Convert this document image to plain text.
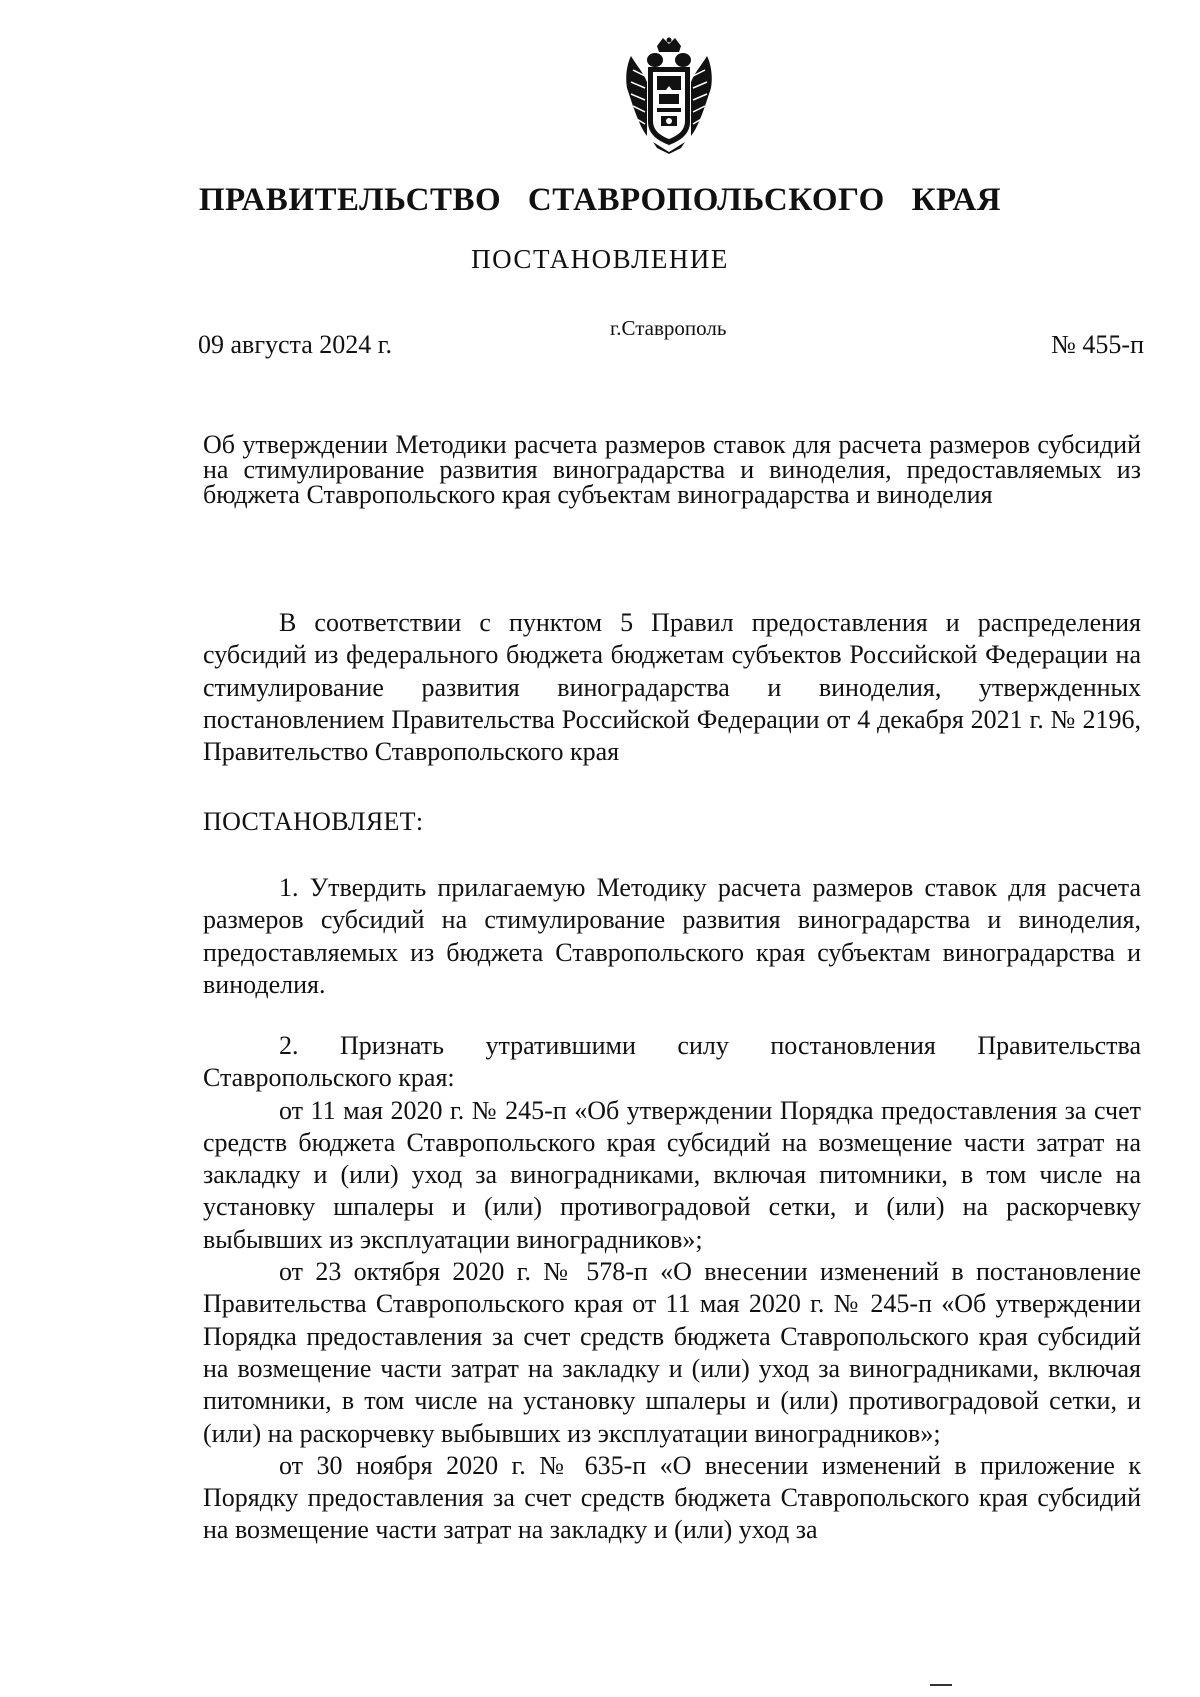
ПРАВИТЕЛЬСТВО СТАВРОПОЛЬСКОГО КРАЯ
ПОСТАНОВЛЕНИЕ
09 августа 2024 г.
г.Ставрополь
№ 455-п
Об утверждении Методики расчета размеров ставок для расчета размеров субсидий на стимулирование развития виноградарства и виноделия, предоставляемых из бюджета Ставропольского края субъектам виноградарства и виноделия
В соответствии с пунктом 5 Правил предоставления и распределения субсидий из федерального бюджета бюджетам субъектов Российской Федерации на стимулирование развития виноградарства и виноделия, утвержденных постановлением Правительства Российской Федерации от 4 декабря 2021 г. № 2196, Правительство Ставропольского края
ПОСТАНОВЛЯЕТ:
1. Утвердить прилагаемую Методику расчета размеров ставок для расчета размеров субсидий на стимулирование развития виноградарства и виноделия, предоставляемых из бюджета Ставропольского края субъектам виноградарства и виноделия.

2. Признать утратившими силу постановления Правительства Ставропольского края:

от 11 мая 2020 г. № 245-п «Об утверждении Порядка предоставления за счет средств бюджета Ставропольского края субсидий на возмещение части затрат на закладку и (или) уход за виноградниками, включая питомники, в том числе на установку шпалеры и (или) противоградовой сетки, и (или) на раскорчевку выбывших из эксплуатации виноградников»;

от 23 октября 2020 г. № 578-п «О внесении изменений в постановление Правительства Ставропольского края от 11 мая 2020 г. № 245-п «Об утверждении Порядка предоставления за счет средств бюджета Ставропольского края субсидий на возмещение части затрат на закладку и (или) уход за виноградниками, включая питомники, в том числе на установку шпалеры и (или) противоградовой сетки, и (или) на раскорчевку выбывших из эксплуатации виноградников»;

от 30 ноября 2020 г. № 635-п «О внесении изменений в приложение к Порядку предоставления за счет средств бюджета Ставропольского края субсидий на возмещение части затрат на закладку и (или) уход за
